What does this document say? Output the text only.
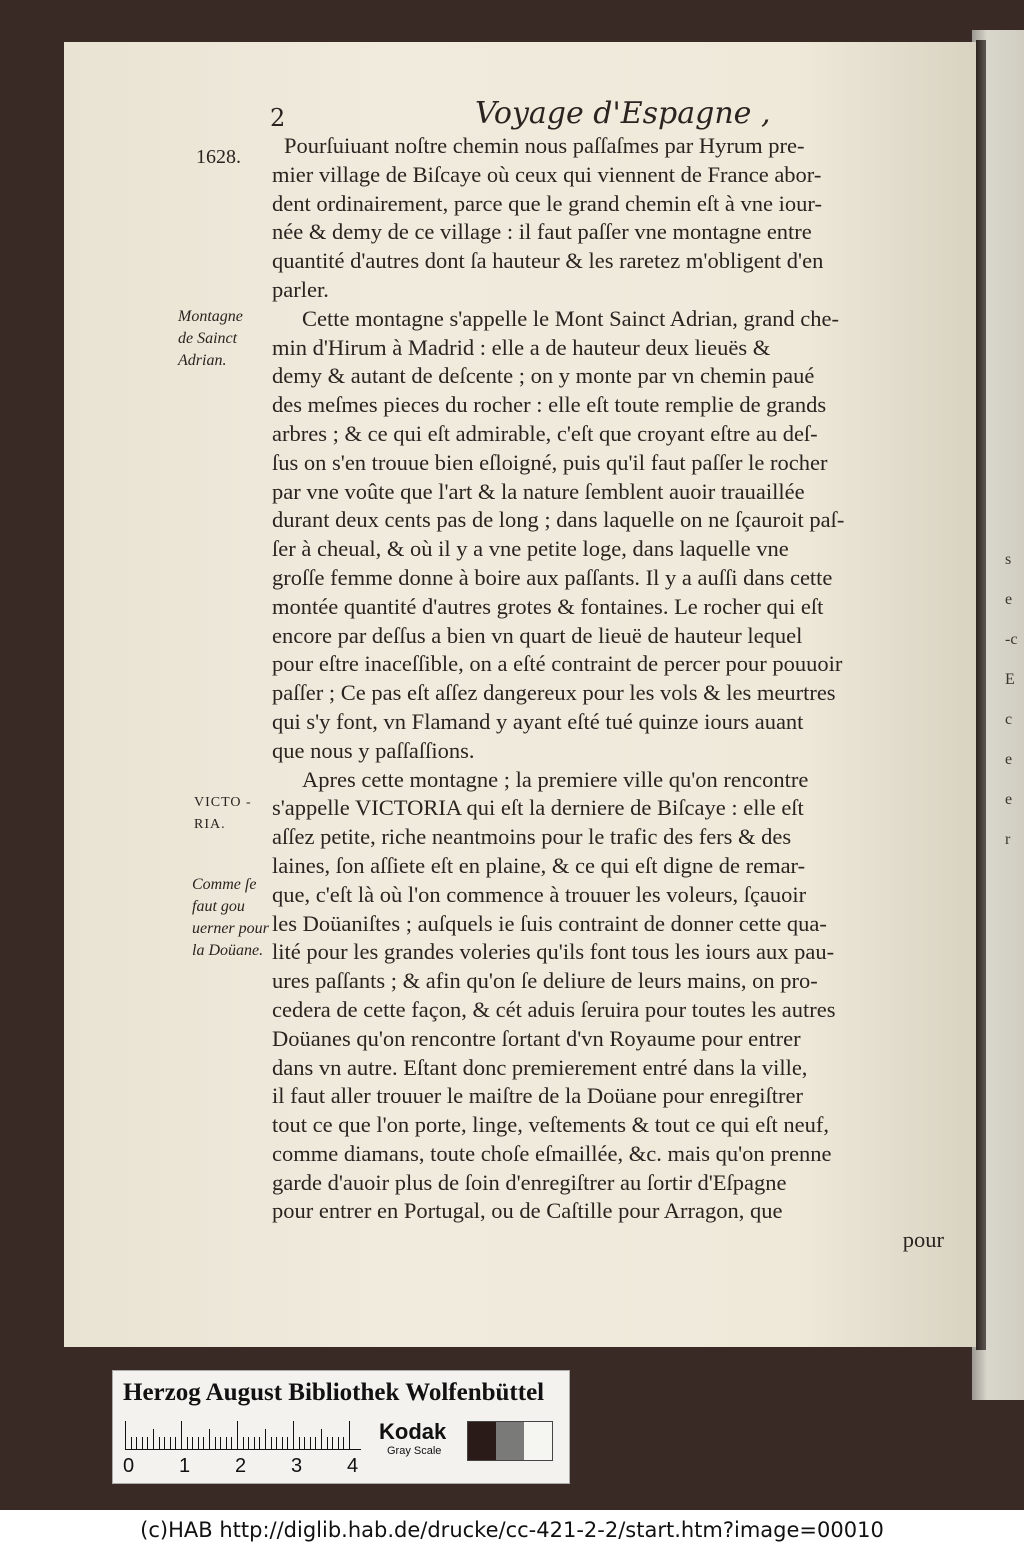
s
e
-c
E
c
e
e
r
2	Voyage d'Espagne ,
1628.
Montagne
de Sainct
Adrian.
VICTO -
RIA.
Comme ſe
faut gou
uerner pour
la Doüane.
Pourſuiuant noſtre chemin nous paſſaſmes par Hyrum pre-
mier village de Biſcaye où ceux qui viennent de France abor-
dent ordinairement, parce que le grand chemin eſt à vne iour-
née & demy de ce village : il faut paſſer vne montagne entre
quantité d'autres dont ſa hauteur & les raretez m'obligent d'en
parler.
Cette montagne s'appelle le Mont Sainct Adrian, grand che-
min d'Hirum à Madrid : elle a de hauteur deux lieuës &
demy & autant de deſcente ; on y monte par vn chemin paué
des meſmes pieces du rocher : elle eſt toute remplie de grands
arbres ; & ce qui eſt admirable, c'eſt que croyant eſtre au deſ-
ſus on s'en trouue bien eſloigné, puis qu'il faut paſſer le rocher
par vne voûte que l'art & la nature ſemblent auoir trauaillée
durant deux cents pas de long ; dans laquelle on ne ſçauroit paſ-
ſer à cheual, & où il y a vne petite loge, dans laquelle vne
groſſe femme donne à boire aux paſſants. Il y a auſſi dans cette
montée quantité d'autres grotes & fontaines. Le rocher qui eſt
encore par deſſus a bien vn quart de lieuë de hauteur lequel
pour eſtre inaceſſible, on a eſté contraint de percer pour pouuoir
paſſer ; Ce pas eſt aſſez dangereux pour les vols & les meurtres
qui s'y font, vn Flamand y ayant eſté tué quinze iours auant
que nous y paſſaſſions.
Apres cette montagne ; la premiere ville qu'on rencontre
s'appelle VICTORIA qui eſt la derniere de Biſcaye : elle eſt
aſſez petite, riche neantmoins pour le trafic des fers & des
laines, ſon aſſiete eſt en plaine, & ce qui eſt digne de remar-
que, c'eſt là où l'on commence à trouuer les voleurs, ſçauoir
les Doüaniſtes ; auſquels ie ſuis contraint de donner cette qua-
lité pour les grandes voleries qu'ils font tous les iours aux pau-
ures paſſants ; & afin qu'on ſe deliure de leurs mains, on pro-
cedera de cette façon, & cét aduis ſeruira pour toutes les autres
Doüanes qu'on rencontre ſortant d'vn Royaume pour entrer
dans vn autre. Eſtant donc premierement entré dans la ville,
il faut aller trouuer le maiſtre de la Doüane pour enregiſtrer
tout ce que l'on porte, linge, veſtements & tout ce qui eſt neuf,
comme diamans, toute choſe eſmaillée, &c. mais qu'on prenne
garde d'auoir plus de ſoin d'enregiſtrer au ſortir d'Eſpagne
pour entrer en Portugal, ou de Caſtille pour Arragon, que
pour
Herzog August Bibliothek Wolfenbüttel
0 1 2 3 4
Kodak
Gray Scale
(c)HAB http://diglib.hab.de/drucke/cc-421-2-2/start.htm?image=00010
